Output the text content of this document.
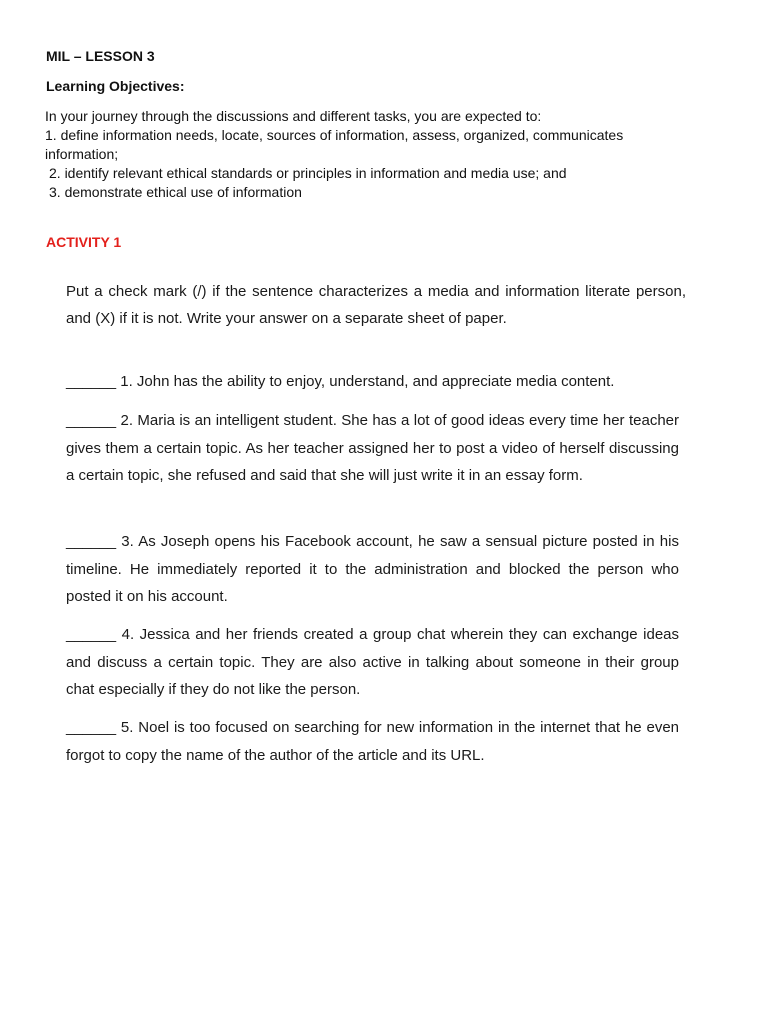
MIL – LESSON 3
Learning Objectives:
In your journey through the discussions and different tasks, you are expected to:
1. define information needs, locate, sources of information, assess, organized, communicates
information;
2. identify relevant ethical standards or principles in information and media use; and
3. demonstrate ethical use of information
ACTIVITY 1

Put a check mark (/) if the sentence characterizes a media and information literate person, and (X) if it is not. Write your answer on a separate sheet of paper.

______ 1. John has the ability to enjoy, understand, and appreciate media content.

______ 2. Maria is an intelligent student. She has a lot of good ideas every time her teacher gives them a certain topic. As her teacher assigned her to post a video of herself discussing a certain topic, she refused and said that she will just write it in an essay form.

______ 3. As Joseph opens his Facebook account, he saw a sensual picture posted in his timeline. He immediately reported it to the administration and blocked the person who posted it on his account.

______ 4. Jessica and her friends created a group chat wherein they can exchange ideas and discuss a certain topic. They are also active in talking about someone in their group chat especially if they do not like the person.

______ 5. Noel is too focused on searching for new information in the internet that he even forgot to copy the name of the author of the article and its URL.
